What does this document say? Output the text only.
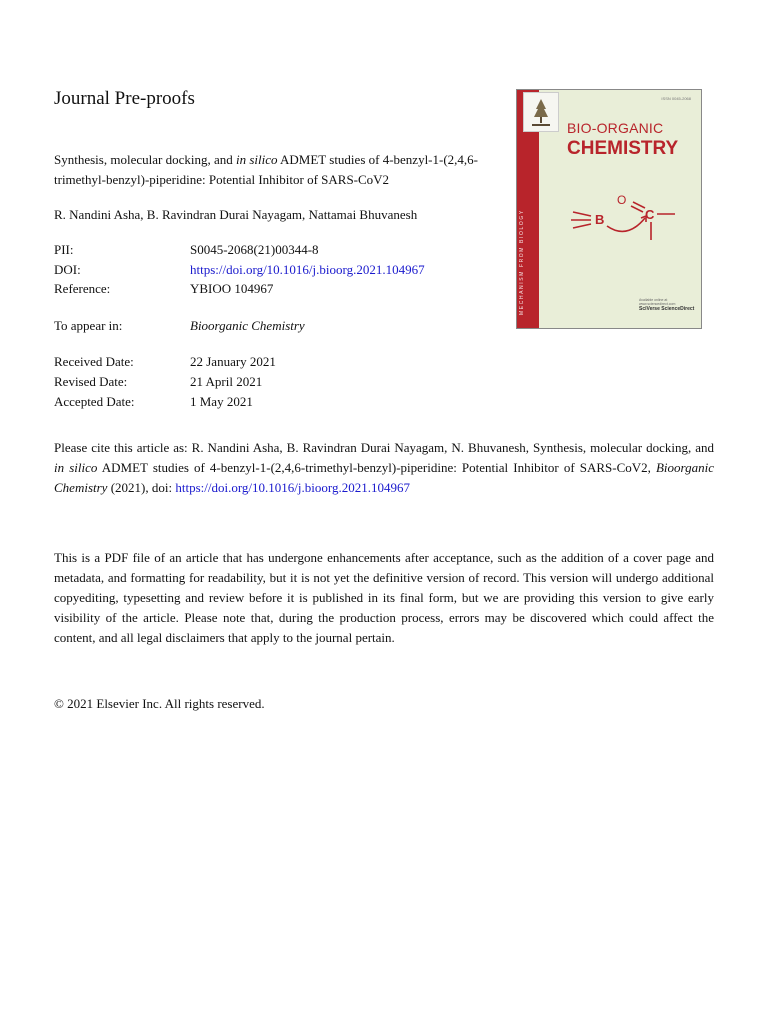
Journal Pre-proofs
Synthesis, molecular docking, and in silico ADMET studies of 4-benzyl-1-(2,4,6-trimethyl-benzyl)-piperidine: Potential Inhibitor of SARS-CoV2
R. Nandini Asha, B. Ravindran Durai Nayagam, Nattamai Bhuvanesh
PII:	S0045-2068(21)00344-8
DOI:	https://doi.org/10.1016/j.bioorg.2021.104967
Reference:	YBIOO 104967
To appear in:	Bioorganic Chemistry
Received Date:	22 January 2021
Revised Date:	21 April 2021
Accepted Date:	1 May 2021
Please cite this article as: R. Nandini Asha, B. Ravindran Durai Nayagam, N. Bhuvanesh, Synthesis, molecular docking, and in silico ADMET studies of 4-benzyl-1-(2,4,6-trimethyl-benzyl)-piperidine: Potential Inhibitor of SARS-CoV2, Bioorganic Chemistry (2021), doi: https://doi.org/10.1016/j.bioorg.2021.104967
This is a PDF file of an article that has undergone enhancements after acceptance, such as the addition of a cover page and metadata, and formatting for readability, but it is not yet the definitive version of record. This version will undergo additional copyediting, typesetting and review before it is published in its final form, but we are providing this version to give early visibility of the article. Please note that, during the production process, errors may be discovered which could affect the content, and all legal disclaimers that apply to the journal pertain.
© 2021 Elsevier Inc. All rights reserved.
MECHANISM FROM BIOLOGY
ISSN 0045-2068
BIO-ORGANIC
CHEMISTRY
B	C
O
Available online at www.sciencedirect.com
SciVerse ScienceDirect
